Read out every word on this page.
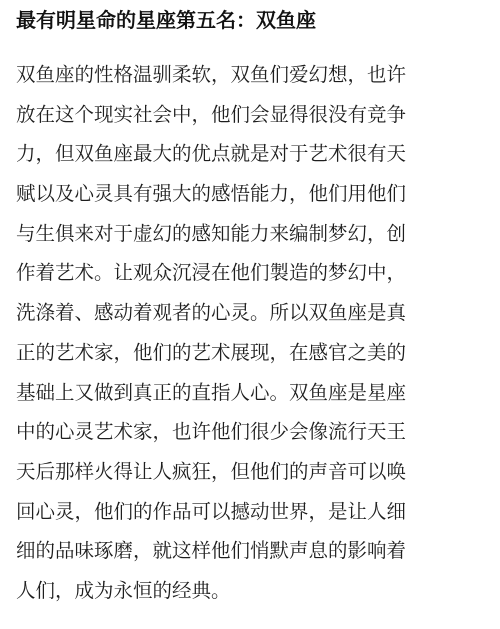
最有明星命的星座第五名：双鱼座

双鱼座的性格温驯柔软，双鱼们爱幻想，也许
放在这个现实社会中，他们会显得很没有竞争
力，但双鱼座最大的优点就是对于艺术很有天
赋以及心灵具有强大的感悟能力，他们用他们
与生俱来对于虚幻的感知能力来编制梦幻，创
作着艺术。让观众沉浸在他们製造的梦幻中，
洗涤着、感动着观者的心灵。所以双鱼座是真
正的艺术家，他们的艺术展现，在感官之美的
基础上又做到真正的直指人心。双鱼座是星座
中的心灵艺术家，也许他们很少会像流行天王
天后那样火得让人疯狂，但他们的声音可以唤
回心灵，他们的作品可以撼动世界，是让人细
细的品味琢磨，就这样他们悄默声息的影响着
人们，成为永恒的经典。
